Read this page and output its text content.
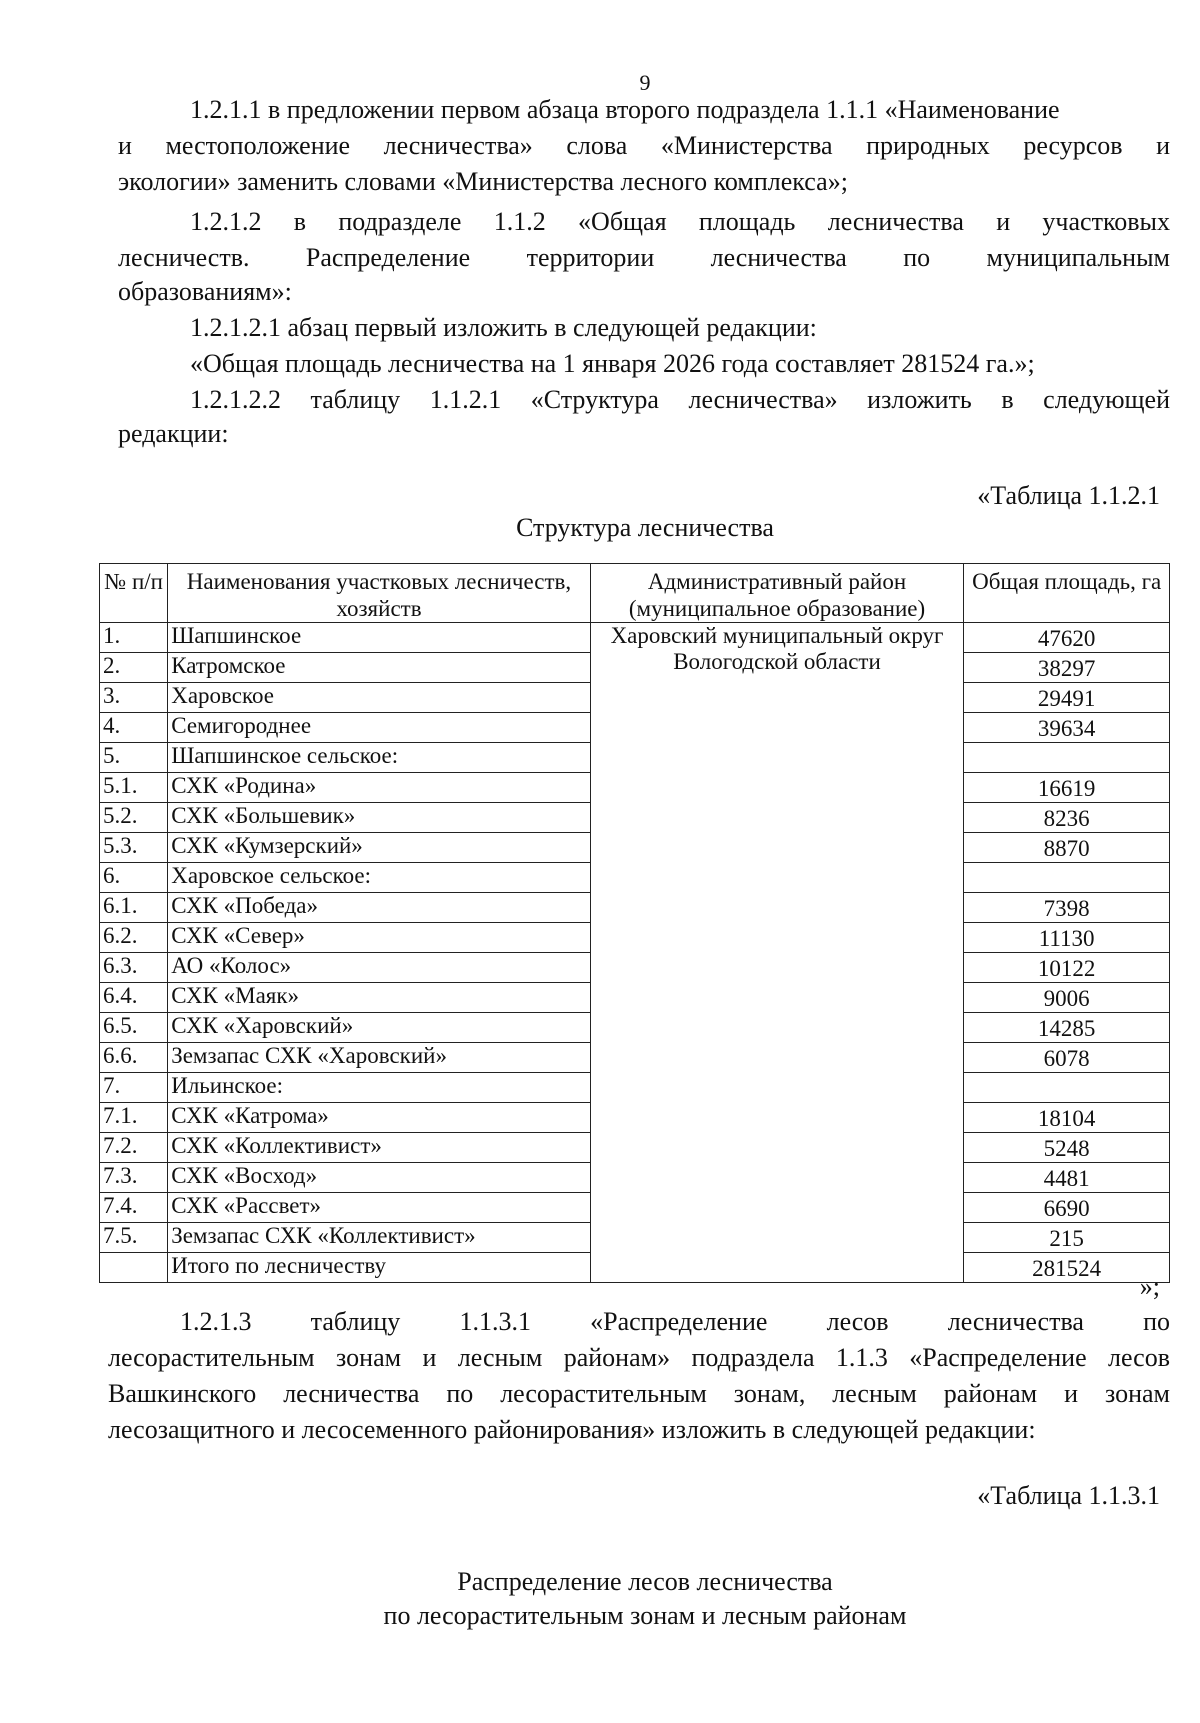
9
1.2.1.1 в предложении первом абзаца второго подраздела 1.1.1 «Наименование
и местоположение лесничества» слова «Министерства природных ресурсов и
экологии» заменить словами «Министерства лесного комплекса»;
1.2.1.2 в подразделе 1.1.2 «Общая площадь лесничества и участковых
лесничеств. Распределение территории лесничества по муниципальным
образованиям»:
1.2.1.2.1 абзац первый изложить в следующей редакции:
«Общая площадь лесничества на 1 января 2026 года составляет 281524 га.»;
1.2.1.2.2 таблицу 1.1.2.1 «Структура лесничества» изложить в следующей
редакции:
«Таблица 1.1.2.1
Структура лесничества
№ п/п	Наименования участковых лесничеств, хозяйств	Административный район (муниципальное образование)	Общая площадь, га
1.	Шапшинское	Харовский муниципальный округ Вологодской области	47620
2.	Катромское		38297
3.	Харовское		29491
4.	Семигороднее		39634
5.	Шапшинское сельское:		
5.1.	СХК «Родина»		16619
5.2.	СХК «Большевик»		8236
5.3.	СХК «Кумзерский»		8870
6.	Харовское сельское:		
6.1.	СХК «Победа»		7398
6.2.	СХК «Север»		11130
6.3.	АО «Колос»		10122
6.4.	СХК «Маяк»		9006
6.5.	СХК «Харовский»		14285
6.6.	Земзапас СХК «Харовский»		6078
7.	Ильинское:		
7.1.	СХК «Катрома»		18104
7.2.	СХК «Коллективист»		5248
7.3.	СХК «Восход»		4481
7.4.	СХК «Рассвет»		6690
7.5.	Земзапас СХК «Коллективист»		215
	Итого по лесничеству		281524
»;
1.2.1.3 таблицу 1.1.3.1 «Распределение лесов лесничества по
лесорастительным зонам и лесным районам» подраздела 1.1.3 «Распределение лесов
Вашкинского лесничества по лесорастительным зонам, лесным районам и зонам
лесозащитного и лесосеменного районирования» изложить в следующей редакции:
«Таблица 1.1.3.1
Распределение лесов лесничества
по лесорастительным зонам и лесным районам
